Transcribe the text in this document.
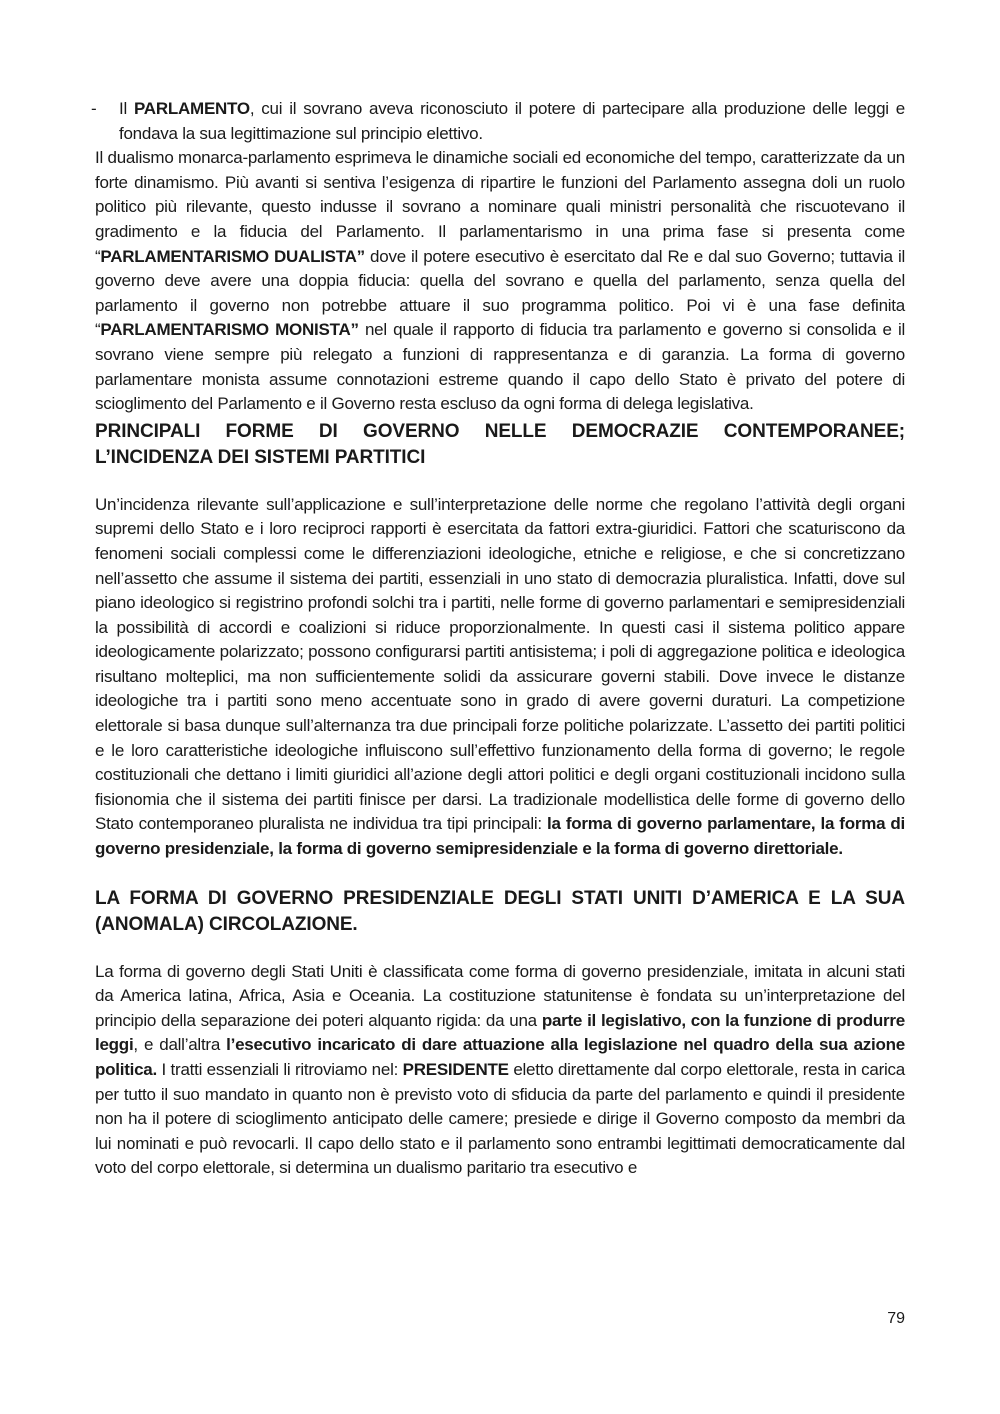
- Il PARLAMENTO, cui il sovrano aveva riconosciuto il potere di partecipare alla produzione delle leggi e fondava la sua legittimazione sul principio elettivo.

Il dualismo monarca-parlamento esprimeva le dinamiche sociali ed economiche del tempo, caratterizzate da un forte dinamismo. Più avanti si sentiva l’esigenza di ripartire le funzioni del Parlamento assegna doli un ruolo politico più rilevante, questo indusse il sovrano a nominare quali ministri personalità che riscuotevano il gradimento e la fiducia del Parlamento. Il parlamentarismo in una prima fase si presenta come “PARLAMENTARISMO DUALISTA” dove il potere esecutivo è esercitato dal Re e dal suo Governo; tuttavia il governo deve avere una doppia fiducia: quella del sovrano e quella del parlamento, senza quella del parlamento il governo non potrebbe attuare il suo programma politico. Poi vi è una fase definita “PARLAMENTARISMO MONISTA” nel quale il rapporto di fiducia tra parlamento e governo si consolida e il sovrano viene sempre più relegato a funzioni di rappresentanza e di garanzia. La forma di governo parlamentare monista assume connotazioni estreme quando il capo dello Stato è privato del potere di scioglimento del Parlamento e il Governo resta escluso da ogni forma di delega legislativa.

PRINCIPALI FORME DI GOVERNO NELLE DEMOCRAZIE CONTEMPORANEE; L’INCIDENZA DEI SISTEMI PARTITICI

Un’incidenza rilevante sull’applicazione e sull’interpretazione delle norme che regolano l’attività degli organi supremi dello Stato e i loro reciproci rapporti è esercitata da fattori extra-giuridici. Fattori che scaturiscono da fenomeni sociali complessi come le differenziazioni ideologiche, etniche e religiose, e che si concretizzano nell’assetto che assume il sistema dei partiti, essenziali in uno stato di democrazia pluralistica. Infatti, dove sul piano ideologico si registrino profondi solchi tra i partiti, nelle forme di governo parlamentari e semipresidenziali la possibilità di accordi e coalizioni si riduce proporzionalmente. In questi casi il sistema politico appare ideologicamente polarizzato; possono configurarsi partiti antisistema; i poli di aggregazione politica e ideologica risultano molteplici, ma non sufficientemente solidi da assicurare governi stabili. Dove invece le distanze ideologiche tra i partiti sono meno accentuate sono in grado di avere governi duraturi. La competizione elettorale si basa dunque sull’alternanza tra due principali forze politiche polarizzate. L’assetto dei partiti politici e le loro caratteristiche ideologiche influiscono sull’effettivo funzionamento della forma di governo; le regole costituzionali che dettano i limiti giuridici all’azione degli attori politici e degli organi costituzionali incidono sulla fisionomia che il sistema dei partiti finisce per darsi. La tradizionale modellistica delle forme di governo dello Stato contemporaneo pluralista ne individua tra tipi principali: la forma di governo parlamentare, la forma di governo presidenziale, la forma di governo semipresidenziale e la forma di governo direttoriale.

LA FORMA DI GOVERNO PRESIDENZIALE DEGLI STATI UNITI D’AMERICA E LA SUA (ANOMALA) CIRCOLAZIONE.

La forma di governo degli Stati Uniti è classificata come forma di governo presidenziale, imitata in alcuni stati da America latina, Africa, Asia e Oceania. La costituzione statunitense è fondata su un’interpretazione del principio della separazione dei poteri alquanto rigida: da una parte il legislativo, con la funzione di produrre leggi, e dall’altra l’esecutivo incaricato di dare attuazione alla legislazione nel quadro della sua azione politica. I tratti essenziali li ritroviamo nel: PRESIDENTE eletto direttamente dal corpo elettorale, resta in carica per tutto il suo mandato in quanto non è previsto voto di sfiducia da parte del parlamento e quindi il presidente non ha il potere di scioglimento anticipato delle camere; presiede e dirige il Governo composto da membri da lui nominati e può revocarli. Il capo dello stato e il parlamento sono entrambi legittimati democraticamente dal voto del corpo elettorale, si determina un dualismo paritario tra esecutivo e

79
